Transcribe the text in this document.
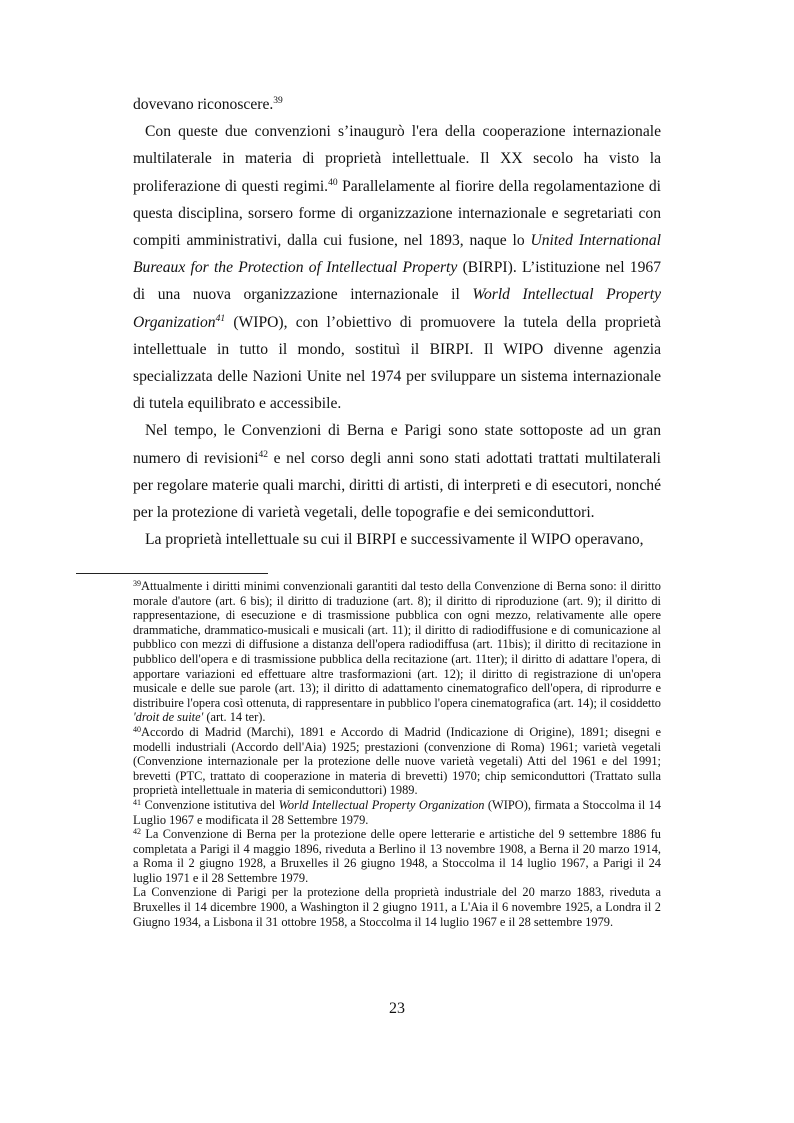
dovevano riconoscere.$^{39}$

Con queste due convenzioni s’inaugurò l'era della cooperazione internazionale multilaterale in materia di proprietà intellettuale. Il XX secolo ha visto la proliferazione di questi regimi.$^{40}$ Parallelamente al fiorire della regolamentazione di questa disciplina, sorsero forme di organizzazione internazionale e segretariati con compiti amministrativi, dalla cui fusione, nel 1893, naque lo United International Bureaux for the Protection of Intellectual Property (BIRPI). L’istituzione nel 1967 di una nuova organizzazione internazionale il World Intellectual Property Organization$^{41}$ (WIPO), con l’obiettivo di promuovere la tutela della proprietà intellettuale in tutto il mondo, sostituì il BIRPI. Il WIPO divenne agenzia specializzata delle Nazioni Unite nel 1974 per sviluppare un sistema internazionale di tutela equilibrato e accessibile.

Nel tempo, le Convenzioni di Berna e Parigi sono state sottoposte ad un gran numero di revisioni$^{42}$ e nel corso degli anni sono stati adottati trattati multilaterali per regolare materie quali marchi, diritti di artisti, di interpreti e di esecutori, nonché per la protezione di varietà vegetali, delle topografie e dei semiconduttori.

La proprietà intellettuale su cui il BIRPI e successivamente il WIPO operavano,

$^{39}$Attualmente i diritti minimi convenzionali garantiti dal testo della Convenzione di Berna sono: il diritto morale d'autore (art. 6 bis); il diritto di traduzione (art. 8); il diritto di riproduzione (art. 9); il diritto di rappresentazione, di esecuzione e di trasmissione pubblica con ogni mezzo, relativamente alle opere drammatiche, drammatico-musicali e musicali (art. 11); il diritto di radiodiffusione e di comunicazione al pubblico con mezzi di diffusione a distanza dell'opera radiodiffusa (art. 11bis); il diritto di recitazione in pubblico dell'opera e di trasmissione pubblica della recitazione (art. 11ter); il diritto di adattare l'opera, di apportare variazioni ed effettuare altre trasformazioni (art. 12); il diritto di registrazione di un'opera musicale e delle sue parole (art. 13); il diritto di adattamento cinematografico dell'opera, di riprodurre e distribuire l'opera così ottenuta, di rappresentare in pubblico l'opera cinematografica (art. 14); il cosiddetto 'droit de suite' (art. 14 ter).

$^{40}$Accordo di Madrid (Marchi), 1891 e Accordo di Madrid (Indicazione di Origine), 1891; disegni e modelli industriali (Accordo dell'Aia) 1925; prestazioni (convenzione di Roma) 1961; varietà vegetali (Convenzione internazionale per la protezione delle nuove varietà vegetali) Atti del 1961 e del 1991; brevetti (PTC, trattato di cooperazione in materia di brevetti) 1970; chip semiconduttori (Trattato sulla proprietà intellettuale in materia di semiconduttori) 1989.

$^{41}$ Convenzione istitutiva del World Intellectual Property Organization (WIPO), firmata a Stoccolma il 14 Luglio 1967 e modificata il 28 Settembre 1979.

$^{42}$ La Convenzione di Berna per la protezione delle opere letterarie e artistiche del 9 settembre 1886 fu completata a Parigi il 4 maggio 1896, riveduta a Berlino il 13 novembre 1908, a Berna il 20 marzo 1914, a Roma il 2 giugno 1928, a Bruxelles il 26 giugno 1948, a Stoccolma il 14 luglio 1967, a Parigi il 24 luglio 1971 e il 28 Settembre 1979.

La Convenzione di Parigi per la protezione della proprietà industriale del 20 marzo 1883, riveduta a Bruxelles il 14 dicembre 1900, a Washington il 2 giugno 1911, a L'Aia il 6 novembre 1925, a Londra il 2 Giugno 1934, a Lisbona il 31 ottobre 1958, a Stoccolma il 14 luglio 1967 e il 28 settembre 1979.

23
